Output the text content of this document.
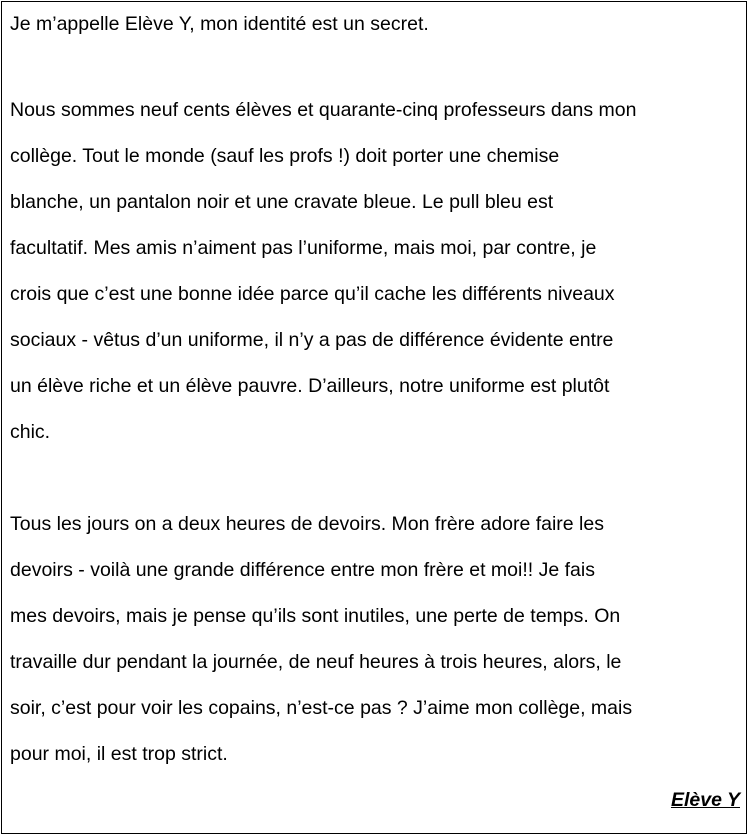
Je m’appelle Elève Y, mon identité est un secret.

Nous sommes neuf cents élèves et quarante-cinq professeurs dans mon
collège. Tout le monde (sauf les profs !) doit porter une chemise
blanche, un pantalon noir et une cravate bleue. Le pull bleu est
facultatif. Mes amis n’aiment pas l’uniforme, mais moi, par contre, je
crois que c’est une bonne idée parce qu’il cache les différents niveaux
sociaux - vêtus d’un uniforme, il n’y a pas de différence évidente entre
un élève riche et un élève pauvre. D’ailleurs, notre uniforme est plutôt
chic.

Tous les jours on a deux heures de devoirs. Mon frère adore faire les
devoirs - voilà une grande différence entre mon frère et moi!! Je fais
mes devoirs, mais je pense qu’ils sont inutiles, une perte de temps. On
travaille dur pendant la journée, de neuf heures à trois heures, alors, le
soir, c’est pour voir les copains, n’est-ce pas ? J’aime mon collège, mais
pour moi, il est trop strict.

Elève Y
